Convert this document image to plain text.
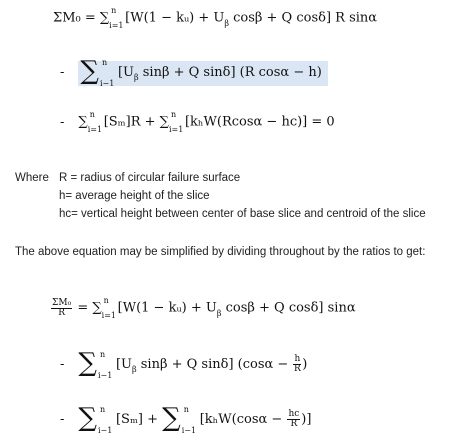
ΣM₀ = ∑ n
i=1 [W(1 − kᵤ) + $U_\beta$ cosβ + Q cosδ] R sinα
- ∑ n
i−1
[$U_\beta$ sinβ + Q sinδ] (R cosα − h)
- ∑ n
i=1 [Sₘ]R + ∑ n
i=1 [kₕW(Rcosα − hc)] = 0
Where R = radius of circular failure surface
h= average height of the slice
hc= vertical height between center of base slice and centroid of the slice
The above equation may be simplified by dividing throughout by the ratios to get:
$\frac{\text{ΣM₀}}{R}$ = ∑ n
i=1 [W(1 − kᵤ) + $U_\beta$ cosβ + Q cosδ] sinα
- ∑ n
i−1
[$U_\beta$ sinβ + Q sinδ] ($\cos\alpha - \frac{h}{R}$ )
- ∑ n
i−1
[Sₘ] + ∑ n
i−1
[$k_hW(\cos\alpha - \frac{hc}{R}$ )]
